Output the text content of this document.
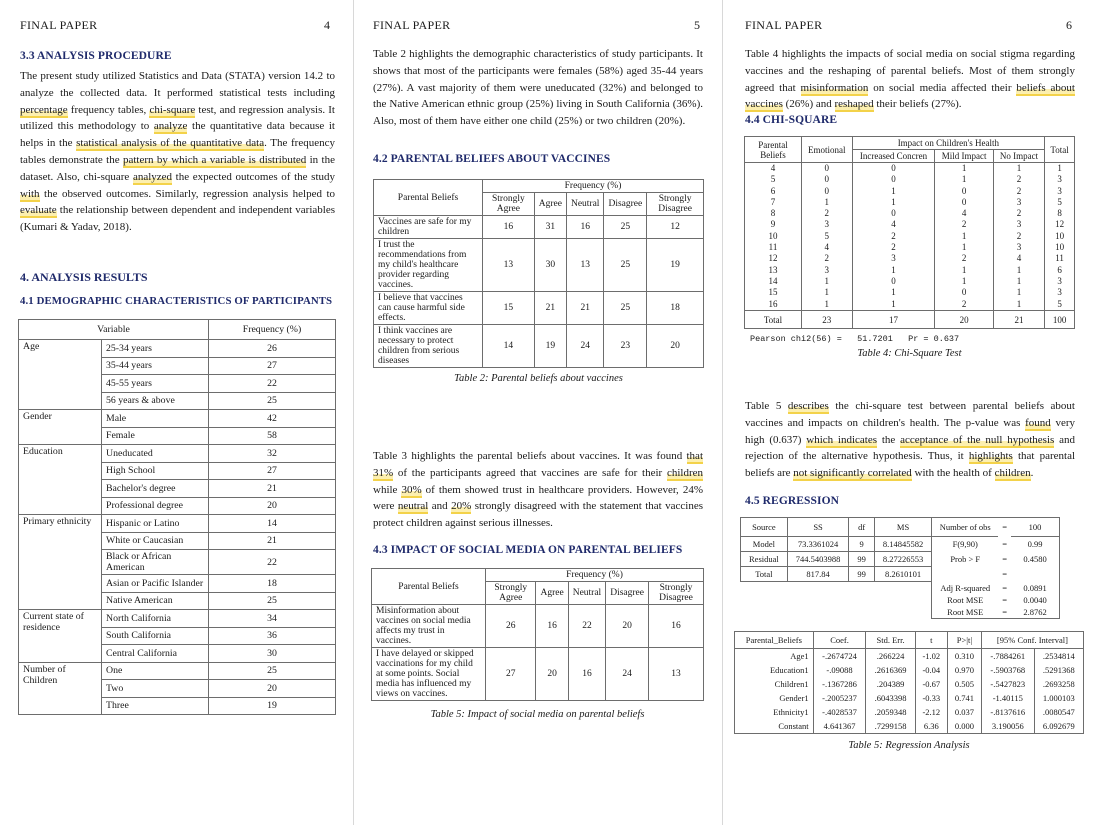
FINAL PAPER	4
3.3 ANALYSIS PROCEDURE

The present study utilized Statistics and Data (STATA) version 14.2 to analyze the collected data. It performed statistical tests including percentage frequency tables, chi-square test, and regression analysis. It utilized this methodology to analyze the quantitative data because it helps in the statistical analysis of the quantitative data. The frequency tables demonstrate the pattern by which a variable is distributed in the dataset. Also, chi-square analyzed the expected outcomes of the study with the observed outcomes. Similarly, regression analysis helped to evaluate the relationship between dependent and independent variables (Kumari & Yadav, 2018).

4. ANALYSIS RESULTS
4.1 DEMOGRAPHIC CHARACTERISTICS OF PARTICIPANTS
Variable		Frequency (%)
Age	25-34 years	26
	35-44 years	27
	45-55 years	22
	56 years & above	25
Gender	Male	42
	Female	58
Education	Uneducated	32
	High School	27
	Bachelor's degree	21
	Professional degree	20
Primary ethnicity	Hispanic or Latino	14
	White or Caucasian	21
	Black or African American	22
	Asian or Pacific Islander	18
	Native American	25
Current state of residence	North California	34
	South California	36
	Central California	30
Number of Children	One	25
	Two	20
	Three	19
FINAL PAPER	5

Table 2 highlights the demographic characteristics of study participants. It shows that most of the participants were females (58%) aged 35-44 years (27%). A vast majority of them were uneducated (32%) and belonged to the Native American ethnic group (25%) living in South California (36%). Also, most of them have either one child (25%) or two children (20%).

4.2 PARENTAL BELIEFS ABOUT VACCINES
Parental Beliefs	Frequency (%)				
	Strongly Agree	Agree	Neutral	Disagree	Strongly Disagree
Vaccines are safe for my children	16	31	16	25	12
I trust the recommendations from my child's healthcare provider regarding vaccines.	13	30	13	25	19
I believe that vaccines can cause harmful side effects.	15	21	21	25	18
I think vaccines are necessary to protect children from serious diseases	14	19	24	23	20
Table 2: Parental beliefs about vaccines

Table 3 highlights the parental beliefs about vaccines. It was found that 31% of the participants agreed that vaccines are safe for their children while 30% of them showed trust in healthcare providers. However, 24% were neutral and 20% strongly disagreed with the statement that vaccines protect children against serious illnesses.

4.3 IMPACT OF SOCIAL MEDIA ON PARENTAL BELIEFS
Parental Beliefs	Frequency (%)				
	Strongly Agree	Agree	Neutral	Disagree	Strongly Disagree
Misinformation about vaccines on social media affects my trust in vaccines.	26	16	22	20	16
I have delayed or skipped vaccinations for my child at some points. Social media has influenced my views on vaccines.	27	20	16	24	13
Table 5: Impact of social media on parental beliefs
FINAL PAPER	6

Table 4 highlights the impacts of social media on social stigma regarding vaccines and the reshaping of parental beliefs. Most of them strongly agreed that misinformation on social media affected their beliefs about vaccines (26%) and reshaped their beliefs (27%).

4.4 CHI-SQUARE
Parental Beliefs	Emotional	Impact on Children's Health			Total
		Increased Concren	Mild Impact	No Impact	
4	0	0	1	1	1
5	0	0	1	2	3
6	0	1	0	2	3
7	1	1	0	3	5
8	2	0	4	2	8
9	3	4	2	3	12
10	5	2	1	2	10
11	4	2	1	3	10
12	2	3	2	4	11
13	3	1	1	1	6
14	1	0	1	1	3
15	1	1	0	1	3
16	1	1	2	1	5
Total	23	17	20	21	100
Pearson chi2(56) =   51.7201   Pr = 0.637
Table 4: Chi-Square Test

Table 5 describes the chi-square test between parental beliefs about vaccines and impacts on children's health. The p-value was found very high (0.637) which indicates the acceptance of the null hypothesis and rejection of the alternative hypothesis. Thus, it highlights that parental beliefs are not significantly correlated with the health of children.

4.5 REGRESSION
Source	SS	df	MS	Number of obs	=	100
Model	73.3361024	9	8.14845582	F(9,90)	=	0.99
Residual	744.5403988	99	8.27226553	Prob > F	=	0.4580
Total	817.84	99	8.2610101		=	
				Adj R-squared	=	0.0891
				Root MSE	=	0.0040
				Root MSE	=	2.8762
Parental_Beliefs	Coef.	Std. Err.	t	P>|t|	[95% Conf. Interval]	
Age1	-.2674724	.266224	-1.02	0.310	-.7884261	.2534814
Education1	-.09088	.2616369	-0.04	0.970	-.5903768	.5291368
Children1	-.1367286	.204389	-0.67	0.505	-.5427823	.2693258
Gender1	-.2005237	.6043398	-0.33	0.741	-1.40115	1.000103
Ethnicity1	-.4028537	.2059348	-2.12	0.037	-.8137616	.0080547
Constant	4.641367	.7299158	6.36	0.000	3.190056	6.092679
Table 5: Regression Analysis
